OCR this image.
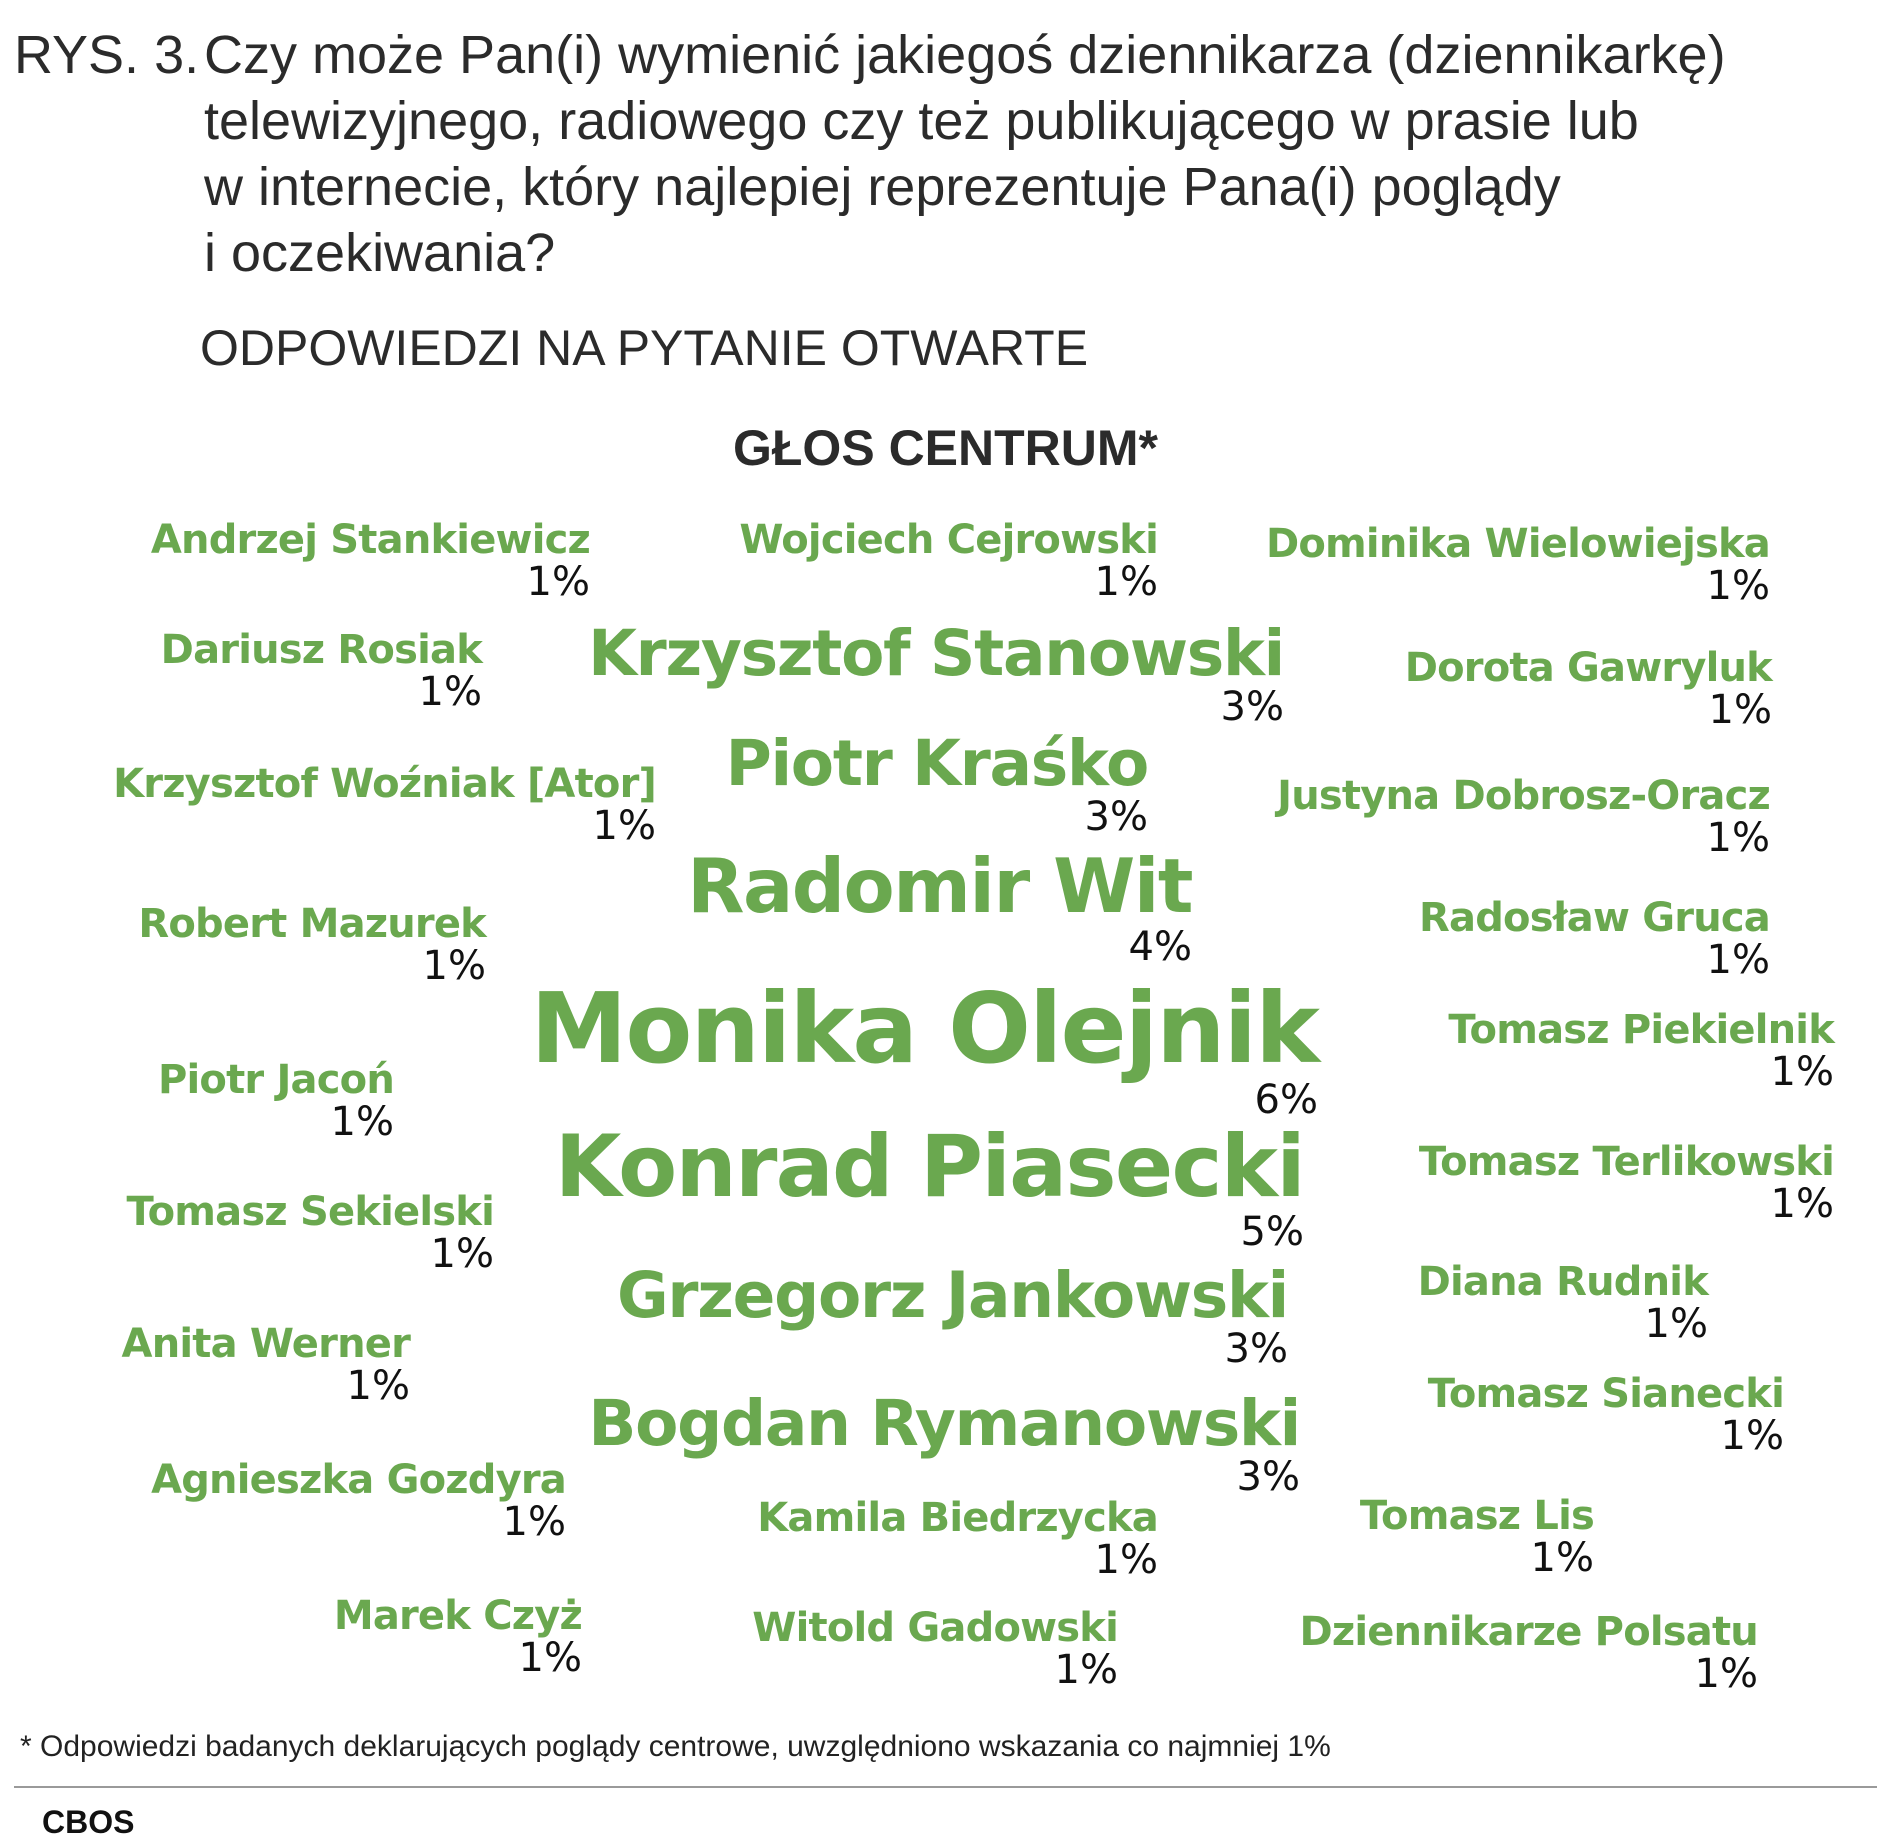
RYS. 3. Czy może Pan(i) wymienić jakiegoś dziennikarza (dziennikarkę)
telewizyjnego, radiowego czy też publikującego w prasie lub
w internecie, który najlepiej reprezentuje Pana(i) poglądy
i oczekiwania?
ODPOWIEDZI NA PYTANIE OTWARTE
GŁOS CENTRUM*
Andrzej Stankiewicz
1%
Wojciech Cejrowski
1%
Dominika Wielowiejska
1%
Dariusz Rosiak
1%
Krzysztof Stanowski
3%
Dorota Gawryluk
1%
Krzysztof Woźniak [Ator]
1%
Piotr Kraśko
3%	Justyna Dobrosz-Oracz
1%
Robert Mazurek
1%
Radomir Wit
4%
Radosław Gruca
1%
Monika Olejnik
6%
Tomasz Piekielnik
1%
Piotr Jacoń
1% Konrad Piasecki
5%
Tomasz Terlikowski
1%
Tomasz Sekielski
1%
Grzegorz Jankowski
3%
Diana Rudnik
1%
Anita Werner
1%
Bogdan Rymanowski
3%
Tomasz Sianecki
1%
Agnieszka Gozdyra
1%	Kamila Biedrzycka
1%
Tomasz Lis
1%
Marek Czyż
1%
Witold Gadowski
1%
Dziennikarze Polsatu
1%
* Odpowiedzi badanych deklarujących poglądy centrowe, uwzględniono wskazania co najmniej 1%
CBOS
